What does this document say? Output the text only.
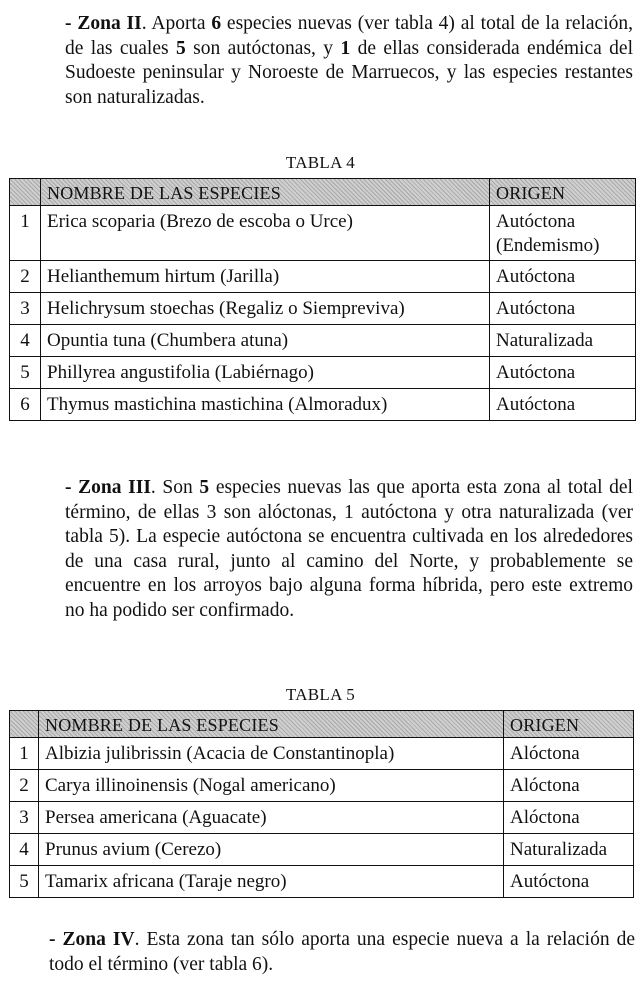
- Zona II. Aporta 6 especies nuevas (ver tabla 4) al total de la relación, de las cuales 5 son autóctonas, y 1 de ellas considerada endémica del Sudoeste peninsular y Noroeste de Marruecos, y las especies restantes son naturalizadas.
TABLA 4
	NOMBRE DE LAS ESPECIES	ORIGEN
1	Erica scoparia (Brezo de escoba o Urce)	Autóctona
(Endemismo)
2	Helianthemum hirtum (Jarilla)	Autóctona
3	Helichrysum stoechas (Regaliz o Siempreviva)	Autóctona
4	Opuntia tuna (Chumbera atuna)	Naturalizada
5	Phillyrea angustifolia (Labiérnago)	Autóctona
6	Thymus mastichina mastichina (Almoradux)	Autóctona
- Zona III. Son 5 especies nuevas las que aporta esta zona al total del término, de ellas 3 son alóctonas, 1 autóctona y otra naturalizada (ver tabla 5). La especie autóctona se encuentra cultivada en los alrededores de una casa rural, junto al camino del Norte, y probablemente se encuentre en los arroyos bajo alguna forma híbrida, pero este extremo no ha podido ser confirmado.
TABLA 5
	NOMBRE DE LAS ESPECIES	ORIGEN
1	Albizia julibrissin (Acacia de Constantinopla)	Alóctona
2	Carya illinoinensis (Nogal americano)	Alóctona
3	Persea americana (Aguacate)	Alóctona
4	Prunus avium (Cerezo)	Naturalizada
5	Tamarix africana (Taraje negro)	Autóctona
- Zona IV. Esta zona tan sólo aporta una especie nueva a la relación de todo el término (ver tabla 6).
